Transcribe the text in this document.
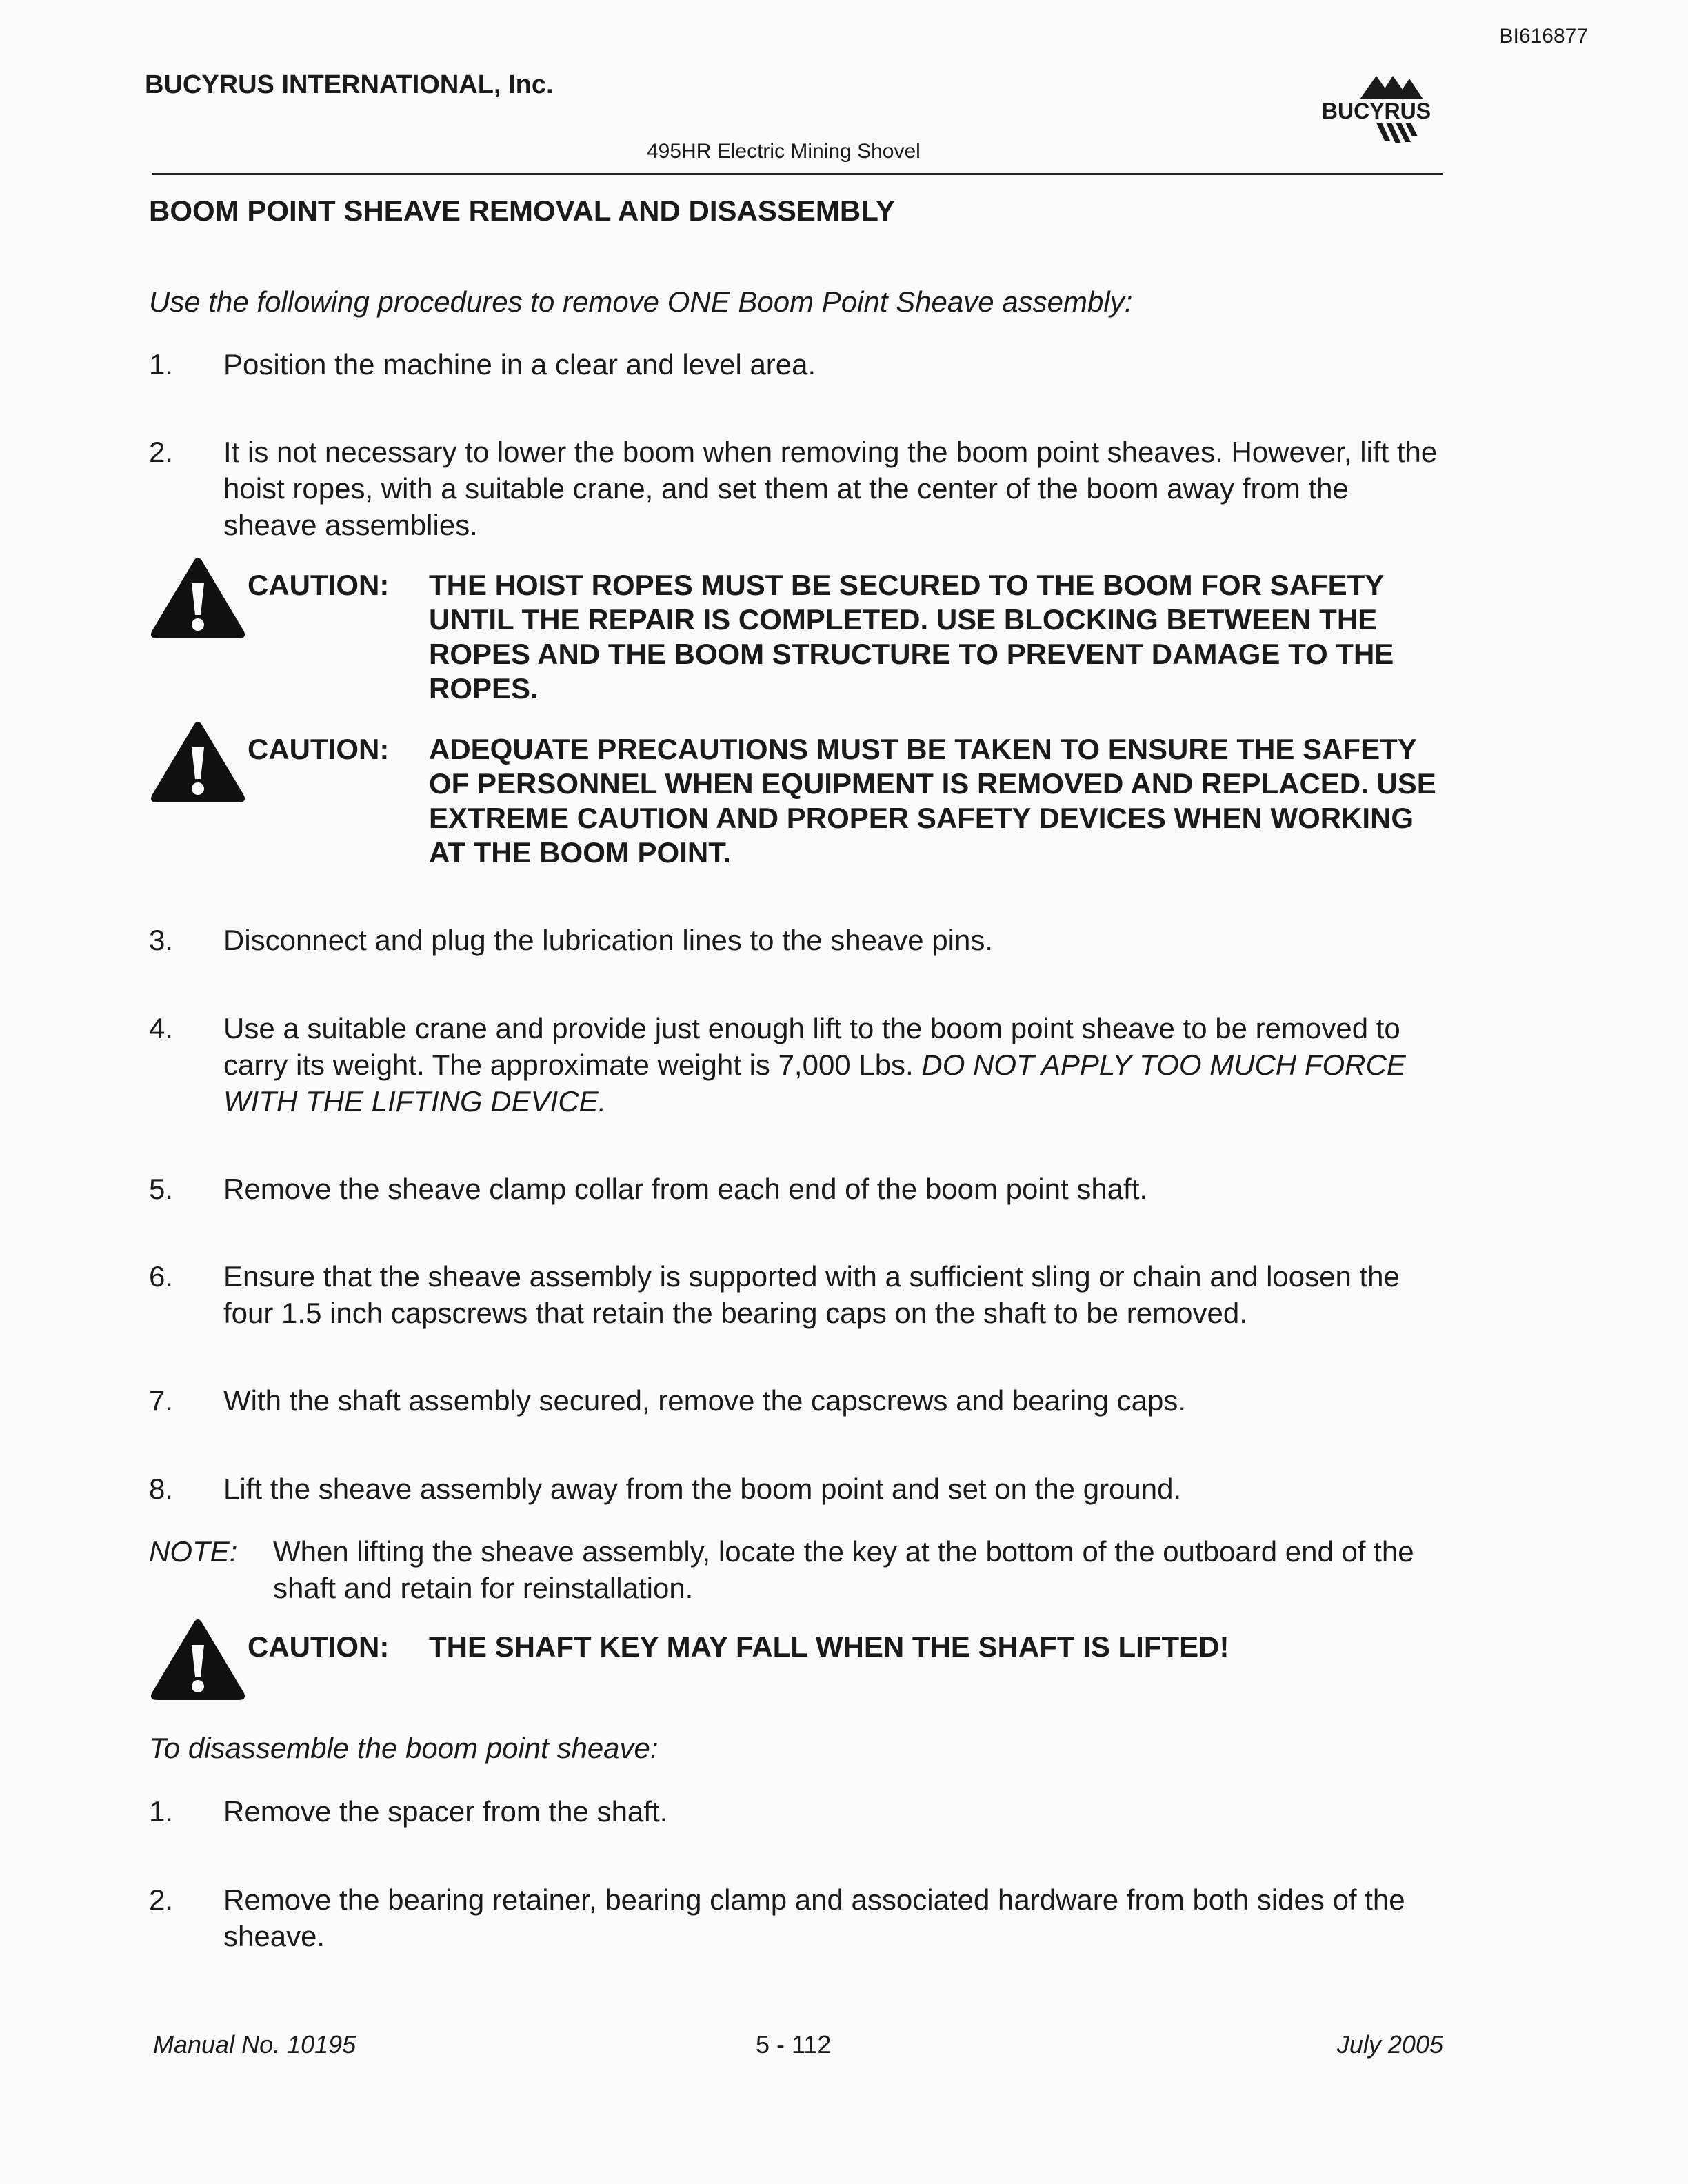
BI616877
BUCYRUS INTERNATIONAL, Inc.
BUCYRUS
495HR Electric Mining Shovel
BOOM POINT SHEAVE REMOVAL AND DISASSEMBLY
Use the following procedures to remove ONE Boom Point Sheave assembly:
1. Position the machine in a clear and level area.
2. It is not necessary to lower the boom when removing the boom point sheaves. However, lift the hoist ropes, with a suitable crane, and set them at the center of the boom away from the sheave assemblies.
CAUTION: THE HOIST ROPES MUST BE SECURED TO THE BOOM FOR SAFETY UNTIL THE REPAIR IS COMPLETED. USE BLOCKING BETWEEN THE ROPES AND THE BOOM STRUCTURE TO PREVENT DAMAGE TO THE ROPES.
CAUTION: ADEQUATE PRECAUTIONS MUST BE TAKEN TO ENSURE THE SAFETY OF PERSONNEL WHEN EQUIPMENT IS REMOVED AND REPLACED. USE EXTREME CAUTION AND PROPER SAFETY DEVICES WHEN WORKING AT THE BOOM POINT.
3. Disconnect and plug the lubrication lines to the sheave pins.
4. Use a suitable crane and provide just enough lift to the boom point sheave to be removed to carry its weight. The approximate weight is 7,000 Lbs. DO NOT APPLY TOO MUCH FORCE WITH THE LIFTING DEVICE.
5. Remove the sheave clamp collar from each end of the boom point shaft.
6. Ensure that the sheave assembly is supported with a sufficient sling or chain and loosen the four 1.5 inch capscrews that retain the bearing caps on the shaft to be removed.
7. With the shaft assembly secured, remove the capscrews and bearing caps.
8. Lift the sheave assembly away from the boom point and set on the ground.
NOTE: When lifting the sheave assembly, locate the key at the bottom of the outboard end of the shaft and retain for reinstallation.
CAUTION: THE SHAFT KEY MAY FALL WHEN THE SHAFT IS LIFTED!
To disassemble the boom point sheave:
1. Remove the spacer from the shaft.
2. Remove the bearing retainer, bearing clamp and associated hardware from both sides of the sheave.
Manual No. 10195	5 - 112	July 2005
